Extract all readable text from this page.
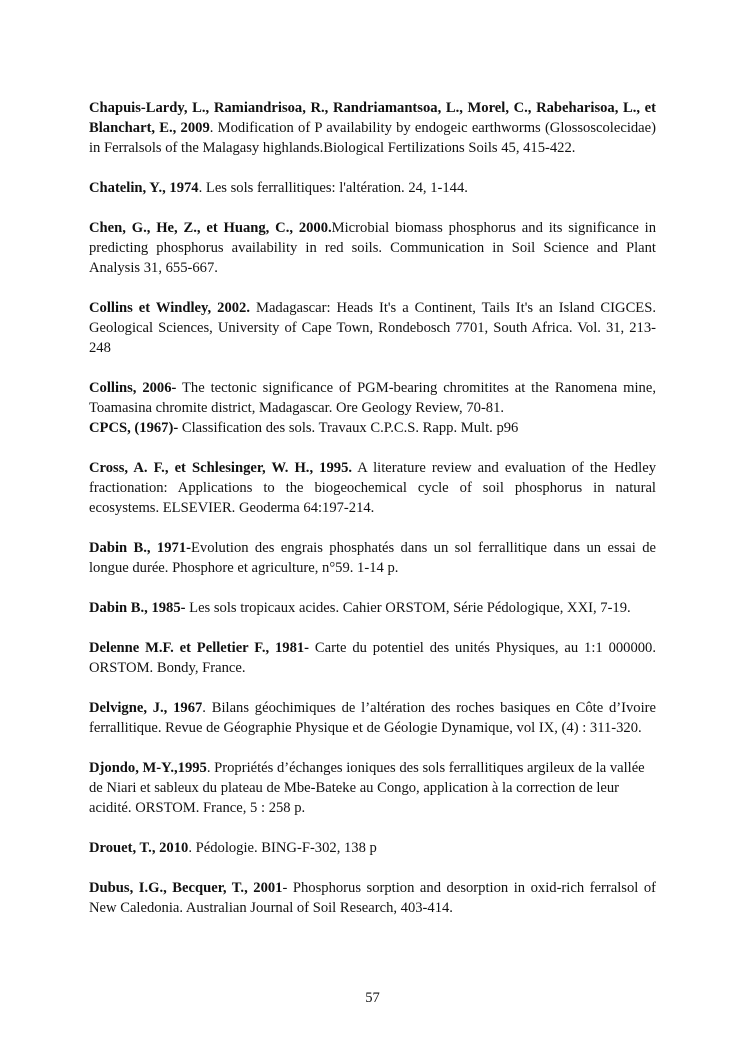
Chapuis-Lardy, L., Ramiandrisoa, R., Randriamantsoa, L., Morel, C., Rabeharisoa, L., et Blanchart, E., 2009. Modification of P availability by endogeic earthworms (Glossoscolecidae) in Ferralsols of the Malagasy highlands.Biological Fertilizations Soils 45, 415-422.

Chatelin, Y., 1974. Les sols ferrallitiques: l'altération. 24, 1-144.

Chen, G., He, Z., et Huang, C., 2000.Microbial biomass phosphorus and its significance in predicting phosphorus availability in red soils. Communication in Soil Science and Plant Analysis 31, 655-667.

Collins et Windley, 2002. Madagascar: Heads It's a Continent, Tails It's an Island CIGCES. Geological Sciences, University of Cape Town, Rondebosch 7701, South Africa. Vol. 31, 213- 248

Collins, 2006- The tectonic significance of PGM-bearing chromitites at the Ranomena mine, Toamasina chromite district, Madagascar. Ore Geology Review, 70-81.

CPCS, (1967)- Classification des sols. Travaux C.P.C.S. Rapp. Mult. p96

Cross, A. F., et Schlesinger, W. H., 1995. A literature review and evaluation of the Hedley fractionation: Applications to the biogeochemical cycle of soil phosphorus in natural ecosystems. ELSEVIER. Geoderma 64:197-214.

Dabin B., 1971-Evolution des engrais phosphatés dans un sol ferrallitique dans un essai de longue durée. Phosphore et agriculture, n°59. 1-14 p.

Dabin B., 1985- Les sols tropicaux acides. Cahier ORSTOM, Série Pédologique, XXI, 7-19.

Delenne M.F. et Pelletier F., 1981- Carte du potentiel des unités Physiques, au 1:1 000000. ORSTOM. Bondy, France.

Delvigne, J., 1967. Bilans géochimiques de l’altération des roches basiques en Côte d’Ivoire ferrallitique. Revue de Géographie Physique et de Géologie Dynamique, vol IX, (4) : 311-320.

Djondo, M-Y.,1995. Propriétés d’échanges ioniques des sols ferrallitiques argileux de la vallée de Niari et sableux du plateau de Mbe-Bateke au Congo, application à la correction de leur acidité. ORSTOM. France, 5 : 258 p.

Drouet, T., 2010. Pédologie. BING-F-302, 138 p

Dubus, I.G., Becquer, T., 2001- Phosphorus sorption and desorption in oxid-rich ferralsol of New Caledonia. Australian Journal of Soil Research, 403-414.

57
